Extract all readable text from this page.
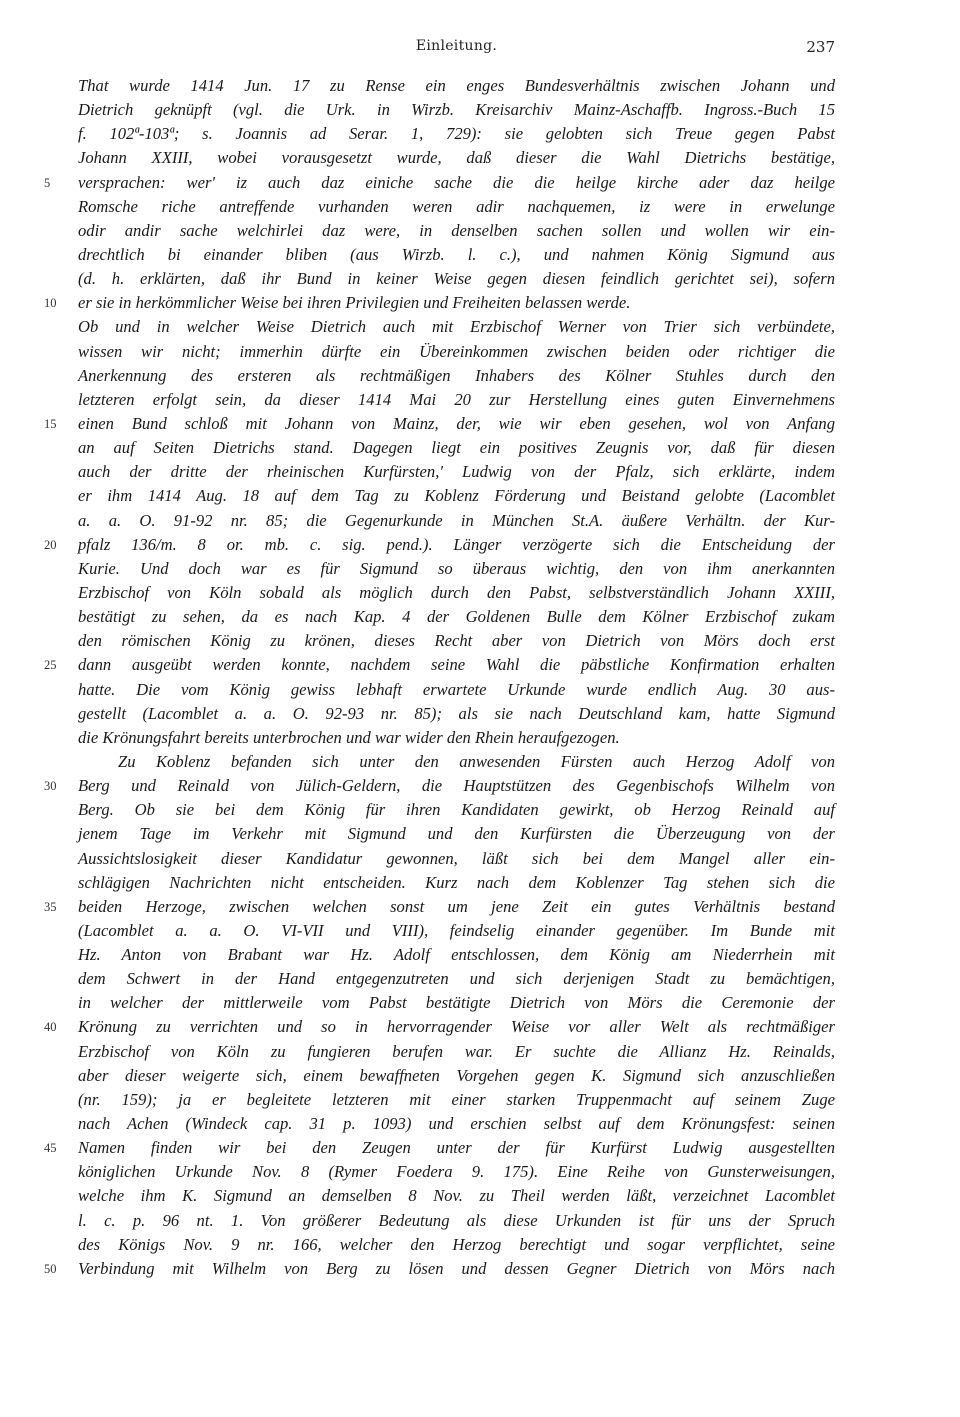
Einleitung.	237
That wurde 1414 Jun. 17 zu Rense ein enges Bundesverhältnis zwischen Johann und
Dietrich geknüpft (vgl. die Urk. in Wirzb. Kreisarchiv Mainz-Aschaffb. Ingross.-Buch 15
f. 102ª-103ª; s. Joannis ad Serar. 1, 729): sie gelobten sich Treue gegen Pabst
Johann XXIII, wobei vorausgesetzt wurde, daß dieser die Wahl Dietrichs bestätige,
5	versprachen: wer' iz auch daz einiche sache die die heilge kirche ader daz heilge
Romsche riche antreffende vurhanden weren adir nachquemen, iz were in erwelunge
odir andir sache welchirlei daz were, in denselben sachen sollen und wollen wir ein-
drechtlich bi einander bliben (aus Wirzb. l. c.), und nahmen König Sigmund aus
(d. h. erklärten, daß ihr Bund in keiner Weise gegen diesen feindlich gerichtet sei), sofern
10	er sie in herkömmlicher Weise bei ihren Privilegien und Freiheiten belassen werde.
Ob und in welcher Weise Dietrich auch mit Erzbischof Werner von Trier sich verbündete,
wissen wir nicht; immerhin dürfte ein Übereinkommen zwischen beiden oder richtiger die
Anerkennung des ersteren als rechtmäßigen Inhabers des Kölner Stuhles durch den
letzteren erfolgt sein, da dieser 1414 Mai 20 zur Herstellung eines guten Einvernehmens
15	einen Bund schloß mit Johann von Mainz, der, wie wir eben gesehen, wol von Anfang
an auf Seiten Dietrichs stand. Dagegen liegt ein positives Zeugnis vor, daß für diesen
auch der dritte der rheinischen Kurfürsten,' Ludwig von der Pfalz, sich erklärte, indem
er ihm 1414 Aug. 18 auf dem Tag zu Koblenz Förderung und Beistand gelobte (Lacomblet
a. a. O. 91-92 nr. 85; die Gegenurkunde in München St.A. äußere Verhältn. der Kur-
20	pfalz 136/m. 8 or. mb. c. sig. pend.). Länger verzögerte sich die Entscheidung der
Kurie. Und doch war es für Sigmund so überaus wichtig, den von ihm anerkannten
Erzbischof von Köln sobald als möglich durch den Pabst, selbstverständlich Johann XXIII,
bestätigt zu sehen, da es nach Kap. 4 der Goldenen Bulle dem Kölner Erzbischof zukam
den römischen König zu krönen, dieses Recht aber von Dietrich von Mörs doch erst
25	dann ausgeübt werden konnte, nachdem seine Wahl die päbstliche Konfirmation erhalten
hatte. Die vom König gewiss lebhaft erwartete Urkunde wurde endlich Aug. 30 aus-
gestellt (Lacomblet a. a. O. 92-93 nr. 85); als sie nach Deutschland kam, hatte Sigmund
die Krönungsfahrt bereits unterbrochen und war wider den Rhein heraufgezogen.
Zu Koblenz befanden sich unter den anwesenden Fürsten auch Herzog Adolf von
30	Berg und Reinald von Jülich-Geldern, die Hauptstützen des Gegenbischofs Wilhelm von
Berg. Ob sie bei dem König für ihren Kandidaten gewirkt, ob Herzog Reinald auf
jenem Tage im Verkehr mit Sigmund und den Kurfürsten die Überzeugung von der
Aussichtslosigkeit dieser Kandidatur gewonnen, läßt sich bei dem Mangel aller ein-
schlägigen Nachrichten nicht entscheiden. Kurz nach dem Koblenzer Tag stehen sich die
35	beiden Herzoge, zwischen welchen sonst um jene Zeit ein gutes Verhältnis bestand
(Lacomblet a. a. O. VI-VII und VIII), feindselig einander gegenüber. Im Bunde mit
Hz. Anton von Brabant war Hz. Adolf entschlossen, dem König am Niederrhein mit
dem Schwert in der Hand entgegenzutreten und sich derjenigen Stadt zu bemächtigen,
in welcher der mittlerweile vom Pabst bestätigte Dietrich von Mörs die Ceremonie der
40	Krönung zu verrichten und so in hervorragender Weise vor aller Welt als rechtmäßiger
Erzbischof von Köln zu fungieren berufen war. Er suchte die Allianz Hz. Reinalds,
aber dieser weigerte sich, einem bewaffneten Vorgehen gegen K. Sigmund sich anzuschließen
(nr. 159); ja er begleitete letzteren mit einer starken Truppenmacht auf seinem Zuge
nach Achen (Windeck cap. 31 p. 1093) und erschien selbst auf dem Krönungsfest: seinen
45	Namen finden wir bei den Zeugen unter der für Kurfürst Ludwig ausgestellten
königlichen Urkunde Nov. 8 (Rymer Foedera 9. 175). Eine Reihe von Gunsterweisungen,
welche ihm K. Sigmund an demselben 8 Nov. zu Theil werden läßt, verzeichnet Lacomblet
l. c. p. 96 nt. 1. Von größerer Bedeutung als diese Urkunden ist für uns der Spruch
des Königs Nov. 9 nr. 166, welcher den Herzog berechtigt und sogar verpflichtet, seine
50	Verbindung mit Wilhelm von Berg zu lösen und dessen Gegner Dietrich von Mörs nach
